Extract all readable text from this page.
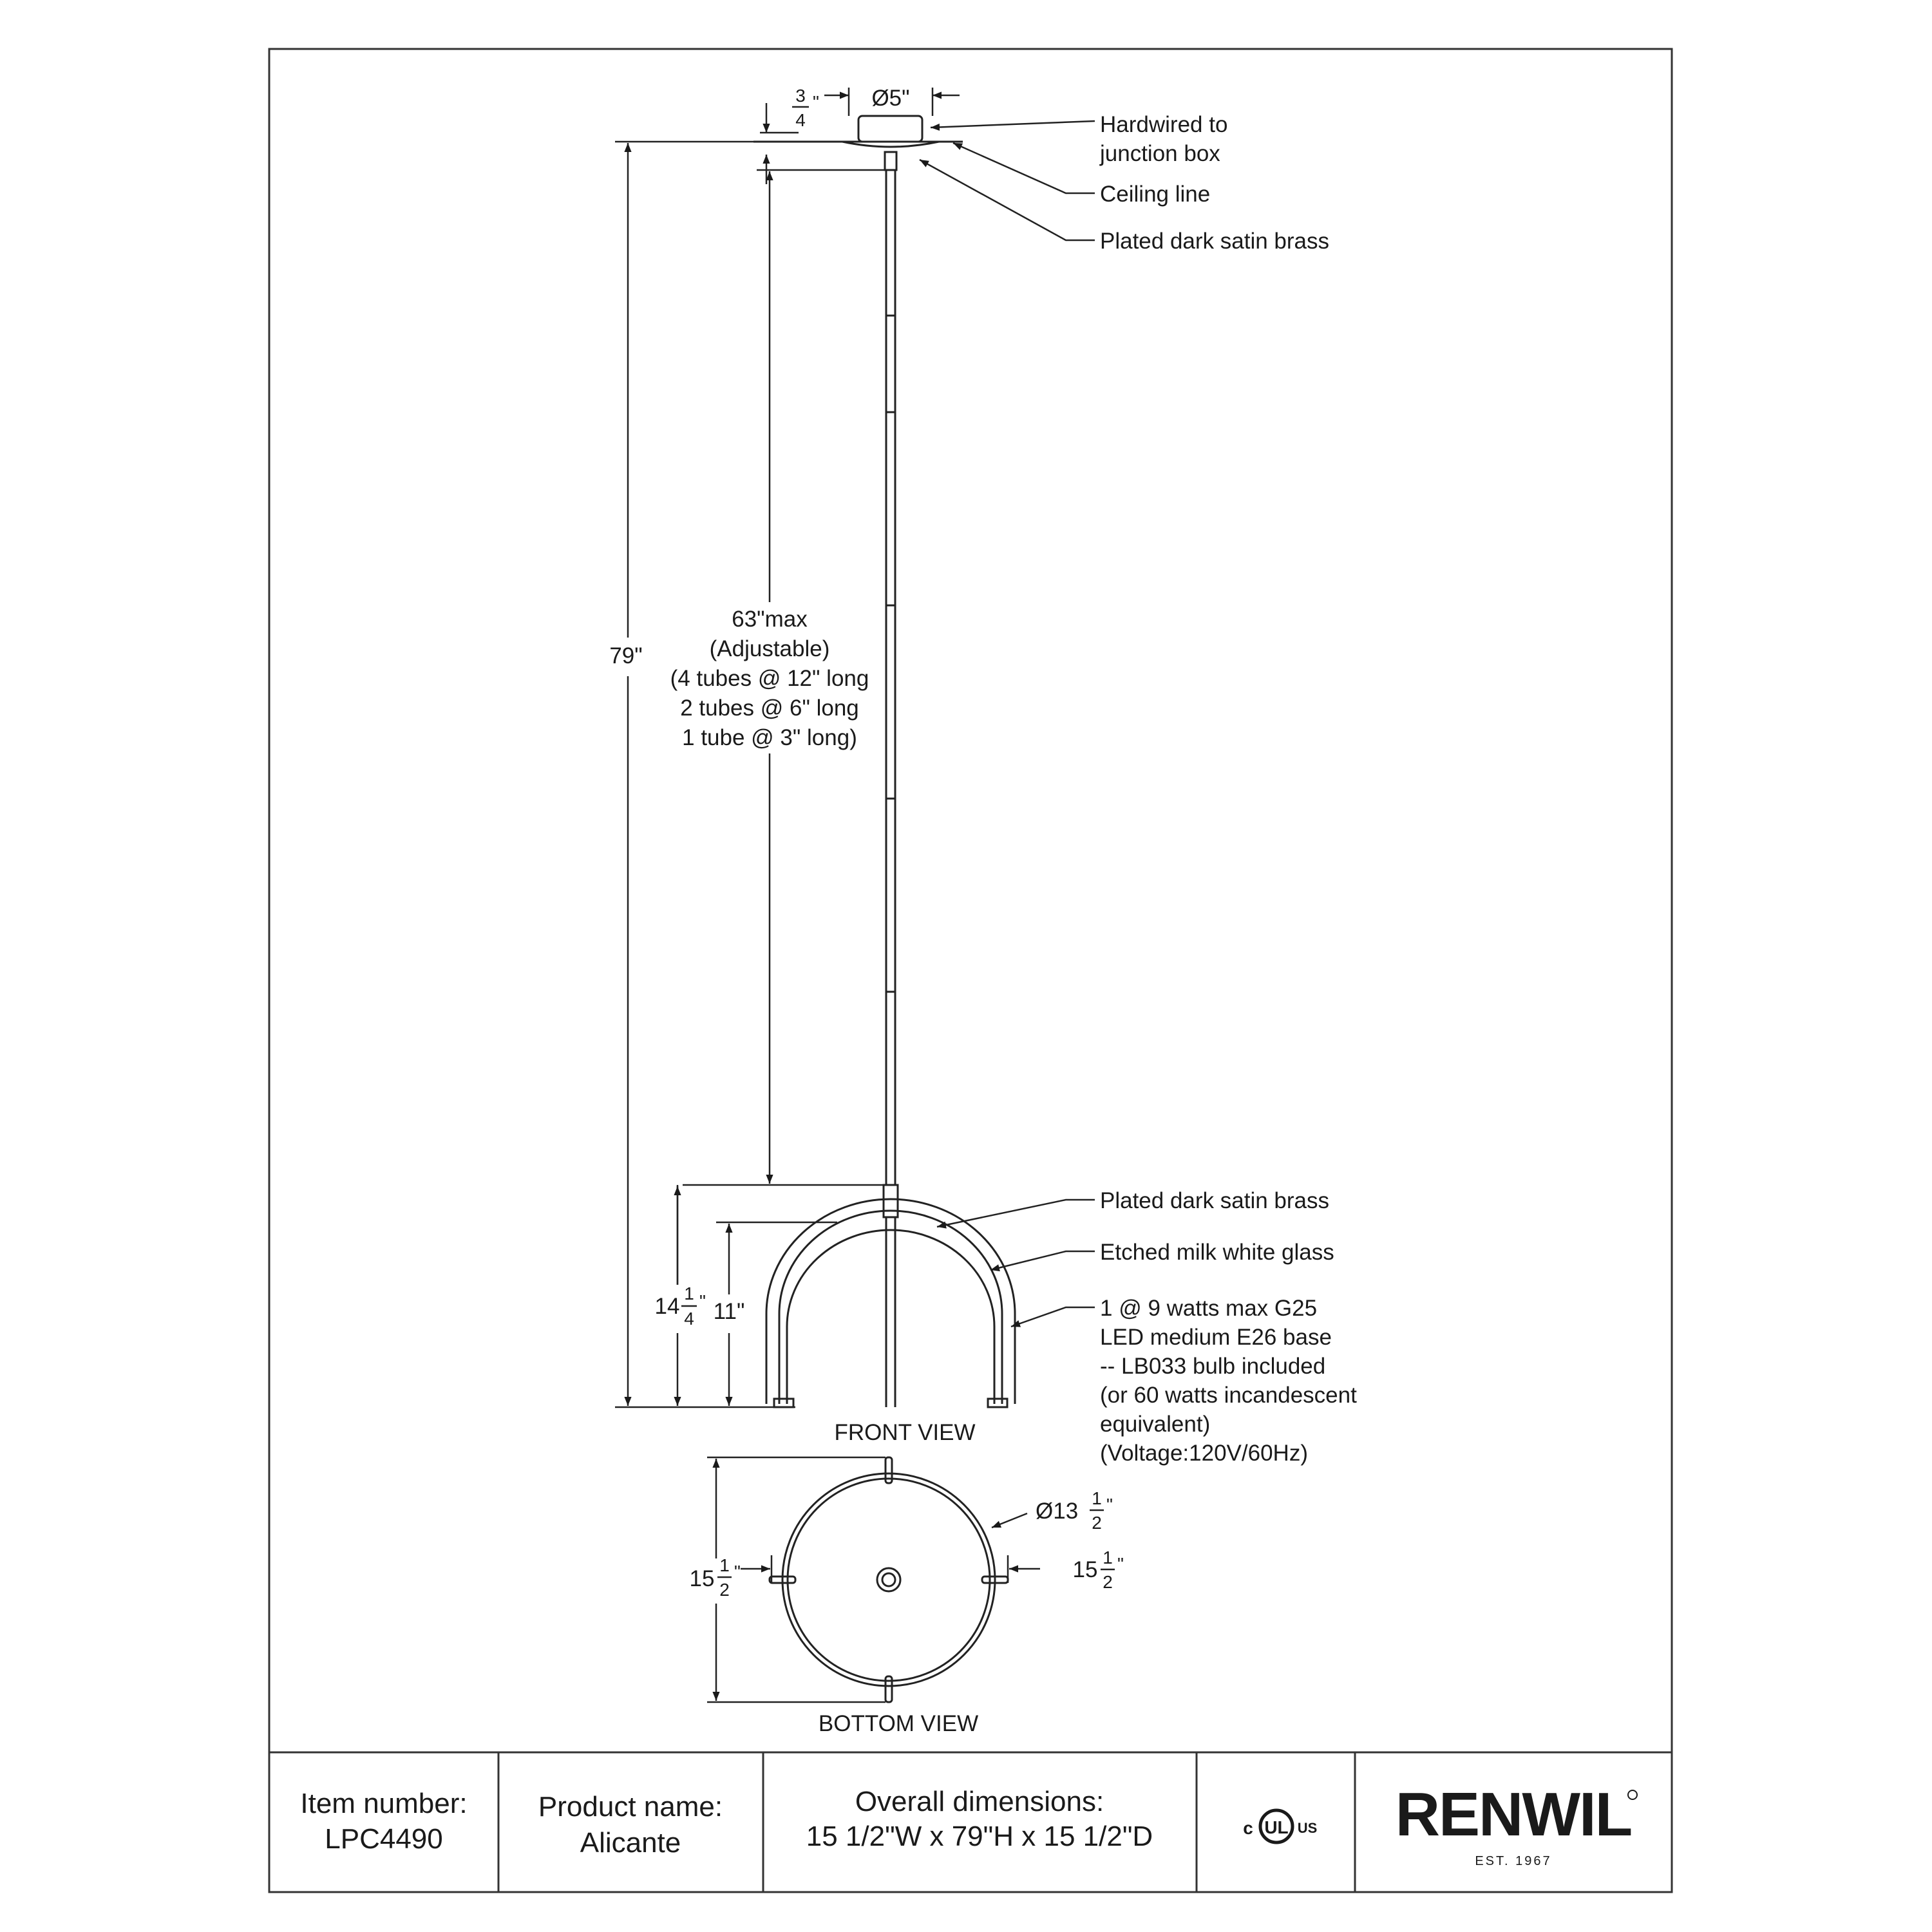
Ø5"
3
4
"
79"
63"max
(Adjustable)
(4 tubes @ 12" long
2 tubes @ 6" long
1 tube @ 3" long)
14
1
4
" 11"
FRONT VIEW
15
1
2
"	15 1
2
"
Ø13
1
2
"
BOTTOM VIEW
Hardwired to
junction box
Ceiling line
Plated dark satin brass
Plated dark satin brass
Etched milk white glass
1 @ 9 watts max G25
LED medium E26 base
-- LB033 bulb included
(or 60 watts incandescent
equivalent)
(Voltage:120V/60Hz)
Item number:
LPC4490
Product name:
Alicante
Overall dimensions:
15 1/2"W x 79"H x 15 1/2"D	UL
c	US RENWIL
EST. 1967
